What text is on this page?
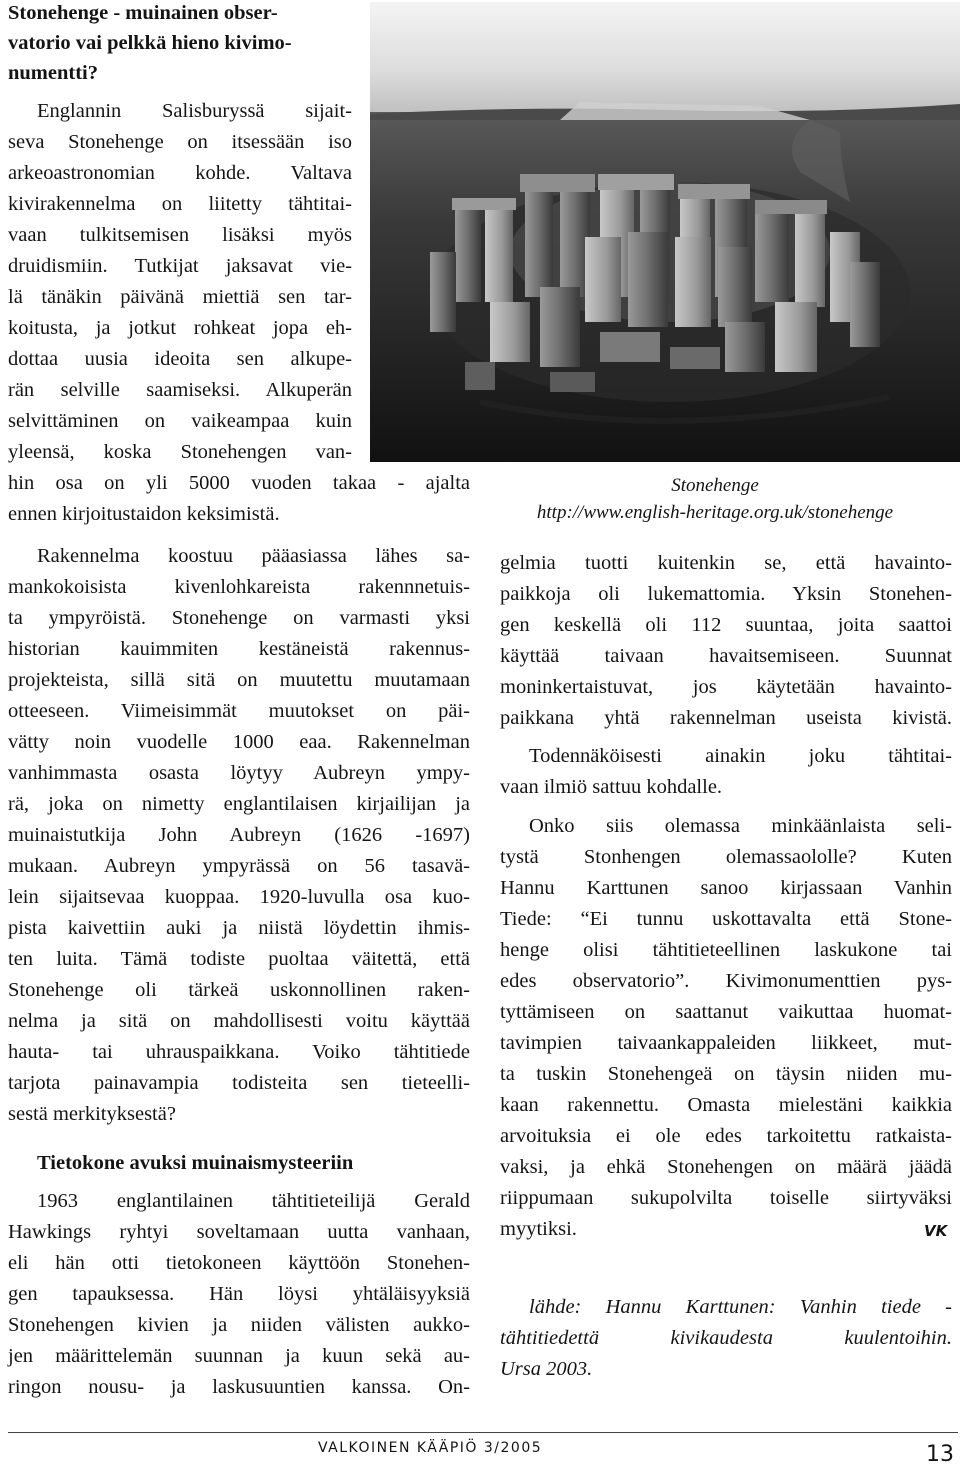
Stonehenge - muinainen obser-
vatorio vai pelkkä hieno kivimo-
numentti?
Englannin Salisburyssä sijait-
seva Stonehenge on itsessään iso
arkeoastronomian kohde. Valtava
kivirakennelma on liitetty tähtitai-
vaan tulkitsemisen lisäksi myös
druidismiin. Tutkijat jaksavat vie-
lä tänäkin päivänä miettiä sen tar-
koitusta, ja jotkut rohkeat jopa eh-
dottaa uusia ideoita sen alkupe-
rän selville saamiseksi. Alkuperän
selvittäminen on vaikeampaa kuin
yleensä, koska Stonehengen van-
hin osa on yli 5000 vuoden takaa - ajalta
ennen kirjoitustaidon keksimistä.
Rakennelma koostuu pääasiassa lähes sa-
mankokoisista kivenlohkareista rakennnetuis-
ta ympyröistä. Stonehenge on varmasti yksi
historian kauimmiten kestäneistä rakennus-
projekteista, sillä sitä on muutettu muutamaan
otteeseen. Viimeisimmät muutokset on päi-
vätty noin vuodelle 1000 eaa. Rakennelman
vanhimmasta osasta löytyy Aubreyn ympy-
rä, joka on nimetty englantilaisen kirjailijan ja
muinaistutkija John Aubreyn (1626 -1697)
mukaan. Aubreyn ympyrässä on 56 tasavä-
lein sijaitsevaa kuoppaa. 1920-luvulla osa kuo-
pista kaivettiin auki ja niistä löydettin ihmis-
ten luita. Tämä todiste puoltaa väitettä, että
Stonehenge oli tärkeä uskonnollinen raken-
nelma ja sitä on mahdollisesti voitu käyttää
hauta- tai uhrauspaikkana. Voiko tähtitiede
tarjota painavampia todisteita sen tieteelli-
sestä merkityksestä?
Tietokone avuksi muinaismysteeriin
1963 englantilainen tähtitieteilijä Gerald
Hawkings ryhtyi soveltamaan uutta vanhaan,
eli hän otti tietokoneen käyttöön Stonehen-
gen tapauksessa. Hän löysi yhtäläisyyksiä
Stonehengen kivien ja niiden välisten aukko-
jen määrittelemän suunnan ja kuun sekä au-
ringon nousu- ja laskusuuntien kanssa. On-
Stonehenge
http://www.english-heritage.org.uk/stonehenge
gelmia tuotti kuitenkin se, että havainto-
paikkoja oli lukemattomia. Yksin Stonehen-
gen keskellä oli 112 suuntaa, joita saattoi
käyttää taivaan havaitsemiseen. Suunnat
moninkertaistuvat, jos käytetään havainto-
paikkana yhtä rakennelman useista kivistä.
Todennäköisesti ainakin joku tähtitai-
vaan ilmiö sattuu kohdalle.
Onko siis olemassa minkäänlaista seli-
tystä Stonhengen olemassaololle? Kuten
Hannu Karttunen sanoo kirjassaan Vanhin
Tiede: “Ei tunnu uskottavalta että Stone-
henge olisi tähtitieteellinen laskukone tai
edes observatorio”. Kivimonumenttien pys-
tyttämiseen on saattanut vaikuttaa huomat-
tavimpien taivaankappaleiden liikkeet, mut-
ta tuskin Stonehengeä on täysin niiden mu-
kaan rakennettu. Omasta mielestäni kaikkia
arvoituksia ei ole edes tarkoitettu ratkaista-
vaksi, ja ehkä Stonehengen on määrä jäädä
riippumaan sukupolvilta toiselle siirtyväksi
myytiksi.	VK
lähde: Hannu Karttunen: Vanhin tiede -
tähtitiedettä kivikaudesta kuulentoihin.
Ursa 2003.
VALKOINEN KÄÄPIÖ 3/2005	13
